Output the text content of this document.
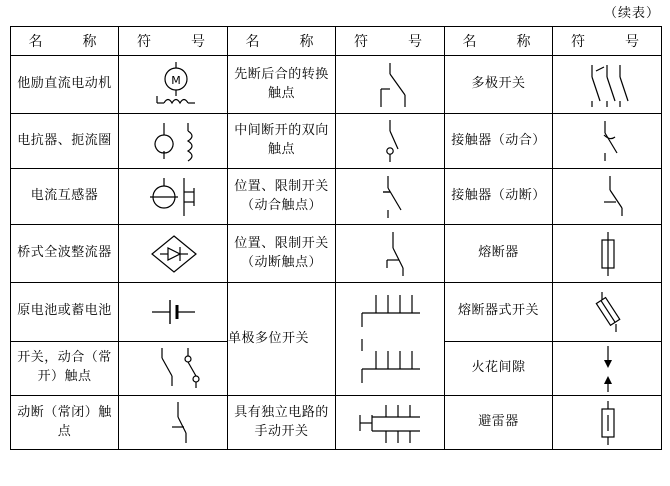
（续表）
名　　称	符　　号	名　　称	符　　号	名　　称	符　　号
他励直流电动机	M	先断后合的转换触点		多极开关	

电抗器、扼流圈		中间断开的双向触点		接触器（动合）	

电流互感器		位置、限制开关（动合触点）		接触器（动断）	

桥式全波整流器		位置、限制开关（动断触点）		熔断器	

原电池或蓄电池		单极多位开关		熔断器式开关	

开关，动合（常开）触点				火花间隙	

动断（常闭）触点		具有独立电路的手动开关		避雷器	
